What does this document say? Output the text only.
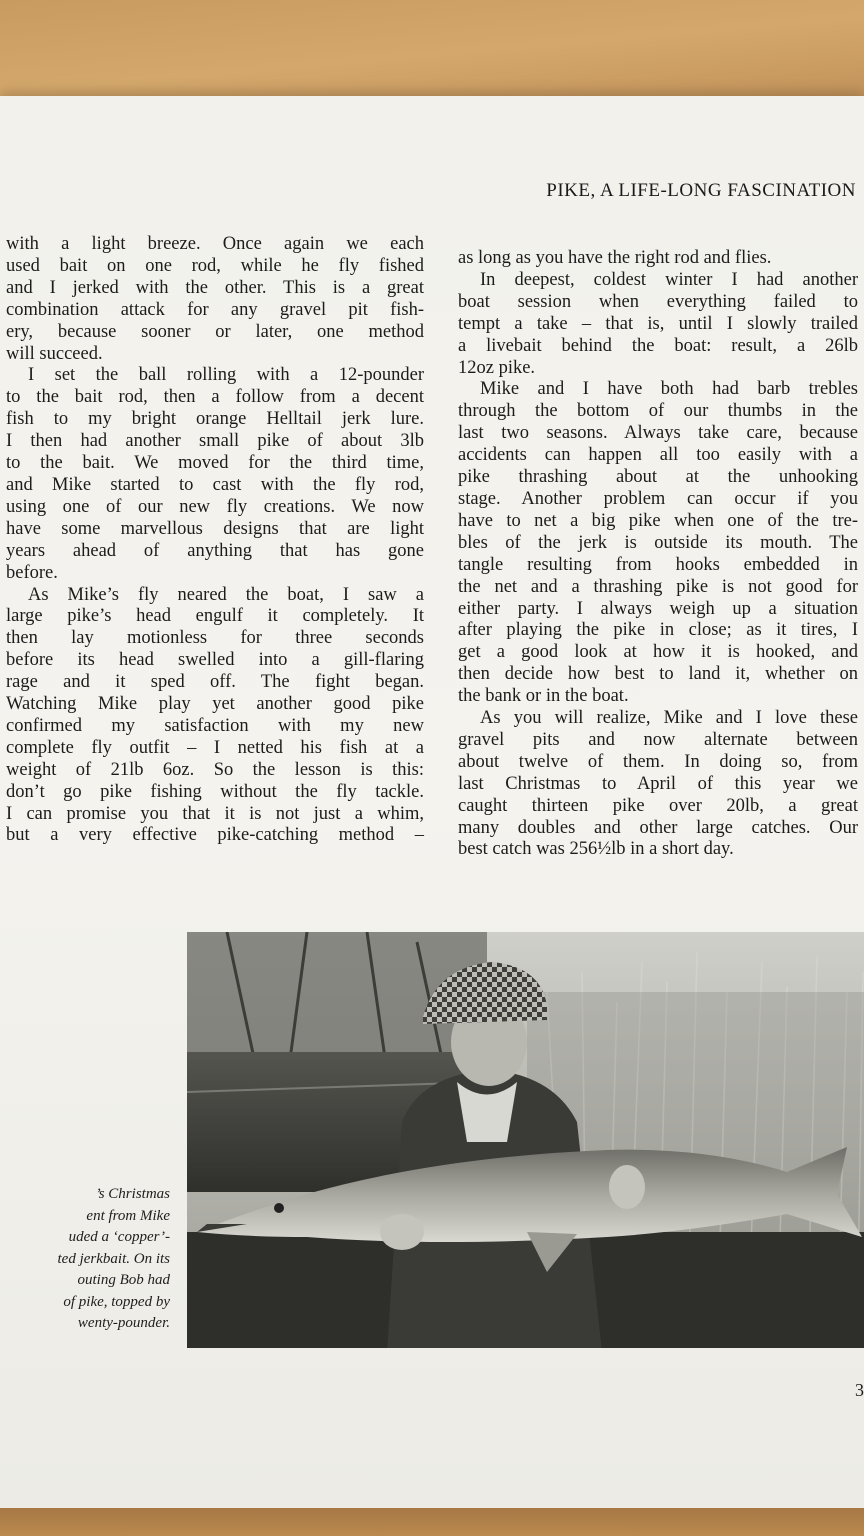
PIKE, A LIFE-LONG FASCINATION
with a light breeze. Once again we each
used bait on one rod, while he fly fished
and I jerked with the other. This is a great
combination attack for any gravel pit fish-
ery, because sooner or later, one method
will succeed.
I set the ball rolling with a 12-pounder
to the bait rod, then a follow from a decent
fish to my bright orange Helltail jerk lure.
I then had another small pike of about 3lb
to the bait. We moved for the third time,
and Mike started to cast with the fly rod,
using one of our new fly creations. We now
have some marvellous designs that are light
years ahead of anything that has gone
before.
As Mike’s fly neared the boat, I saw a
large pike’s head engulf it completely. It
then lay motionless for three seconds
before its head swelled into a gill-flaring
rage and it sped off. The fight began.
Watching Mike play yet another good pike
confirmed my satisfaction with my new
complete fly outfit – I netted his fish at a
weight of 21lb 6oz. So the lesson is this:
don’t go pike fishing without the fly tackle.
I can promise you that it is not just a whim,
but a very effective pike-catching method –
as long as you have the right rod and flies.
In deepest, coldest winter I had another
boat session when everything failed to
tempt a take – that is, until I slowly trailed
a livebait behind the boat: result, a 26lb
12oz pike.
Mike and I have both had barb trebles
through the bottom of our thumbs in the
last two seasons. Always take care, because
accidents can happen all too easily with a
pike thrashing about at the unhooking
stage. Another problem can occur if you
have to net a big pike when one of the tre-
bles of the jerk is outside its mouth. The
tangle resulting from hooks embedded in
the net and a thrashing pike is not good for
either party. I always weigh up a situation
after playing the pike in close; as it tires, I
get a good look at how it is hooked, and
then decide how best to land it, whether on
the bank or in the boat.
As you will realize, Mike and I love these
gravel pits and now alternate between
about twelve of them. In doing so, from
last Christmas to April of this year we
caught thirteen pike over 20lb, a great
many doubles and other large catches. Our
best catch was 256½lb in a short day.
’s Christmas
ent from Mike
uded a ‘copper’-
ted jerkbait. On its
outing Bob had
of pike, topped by
wenty-pounder.
3
